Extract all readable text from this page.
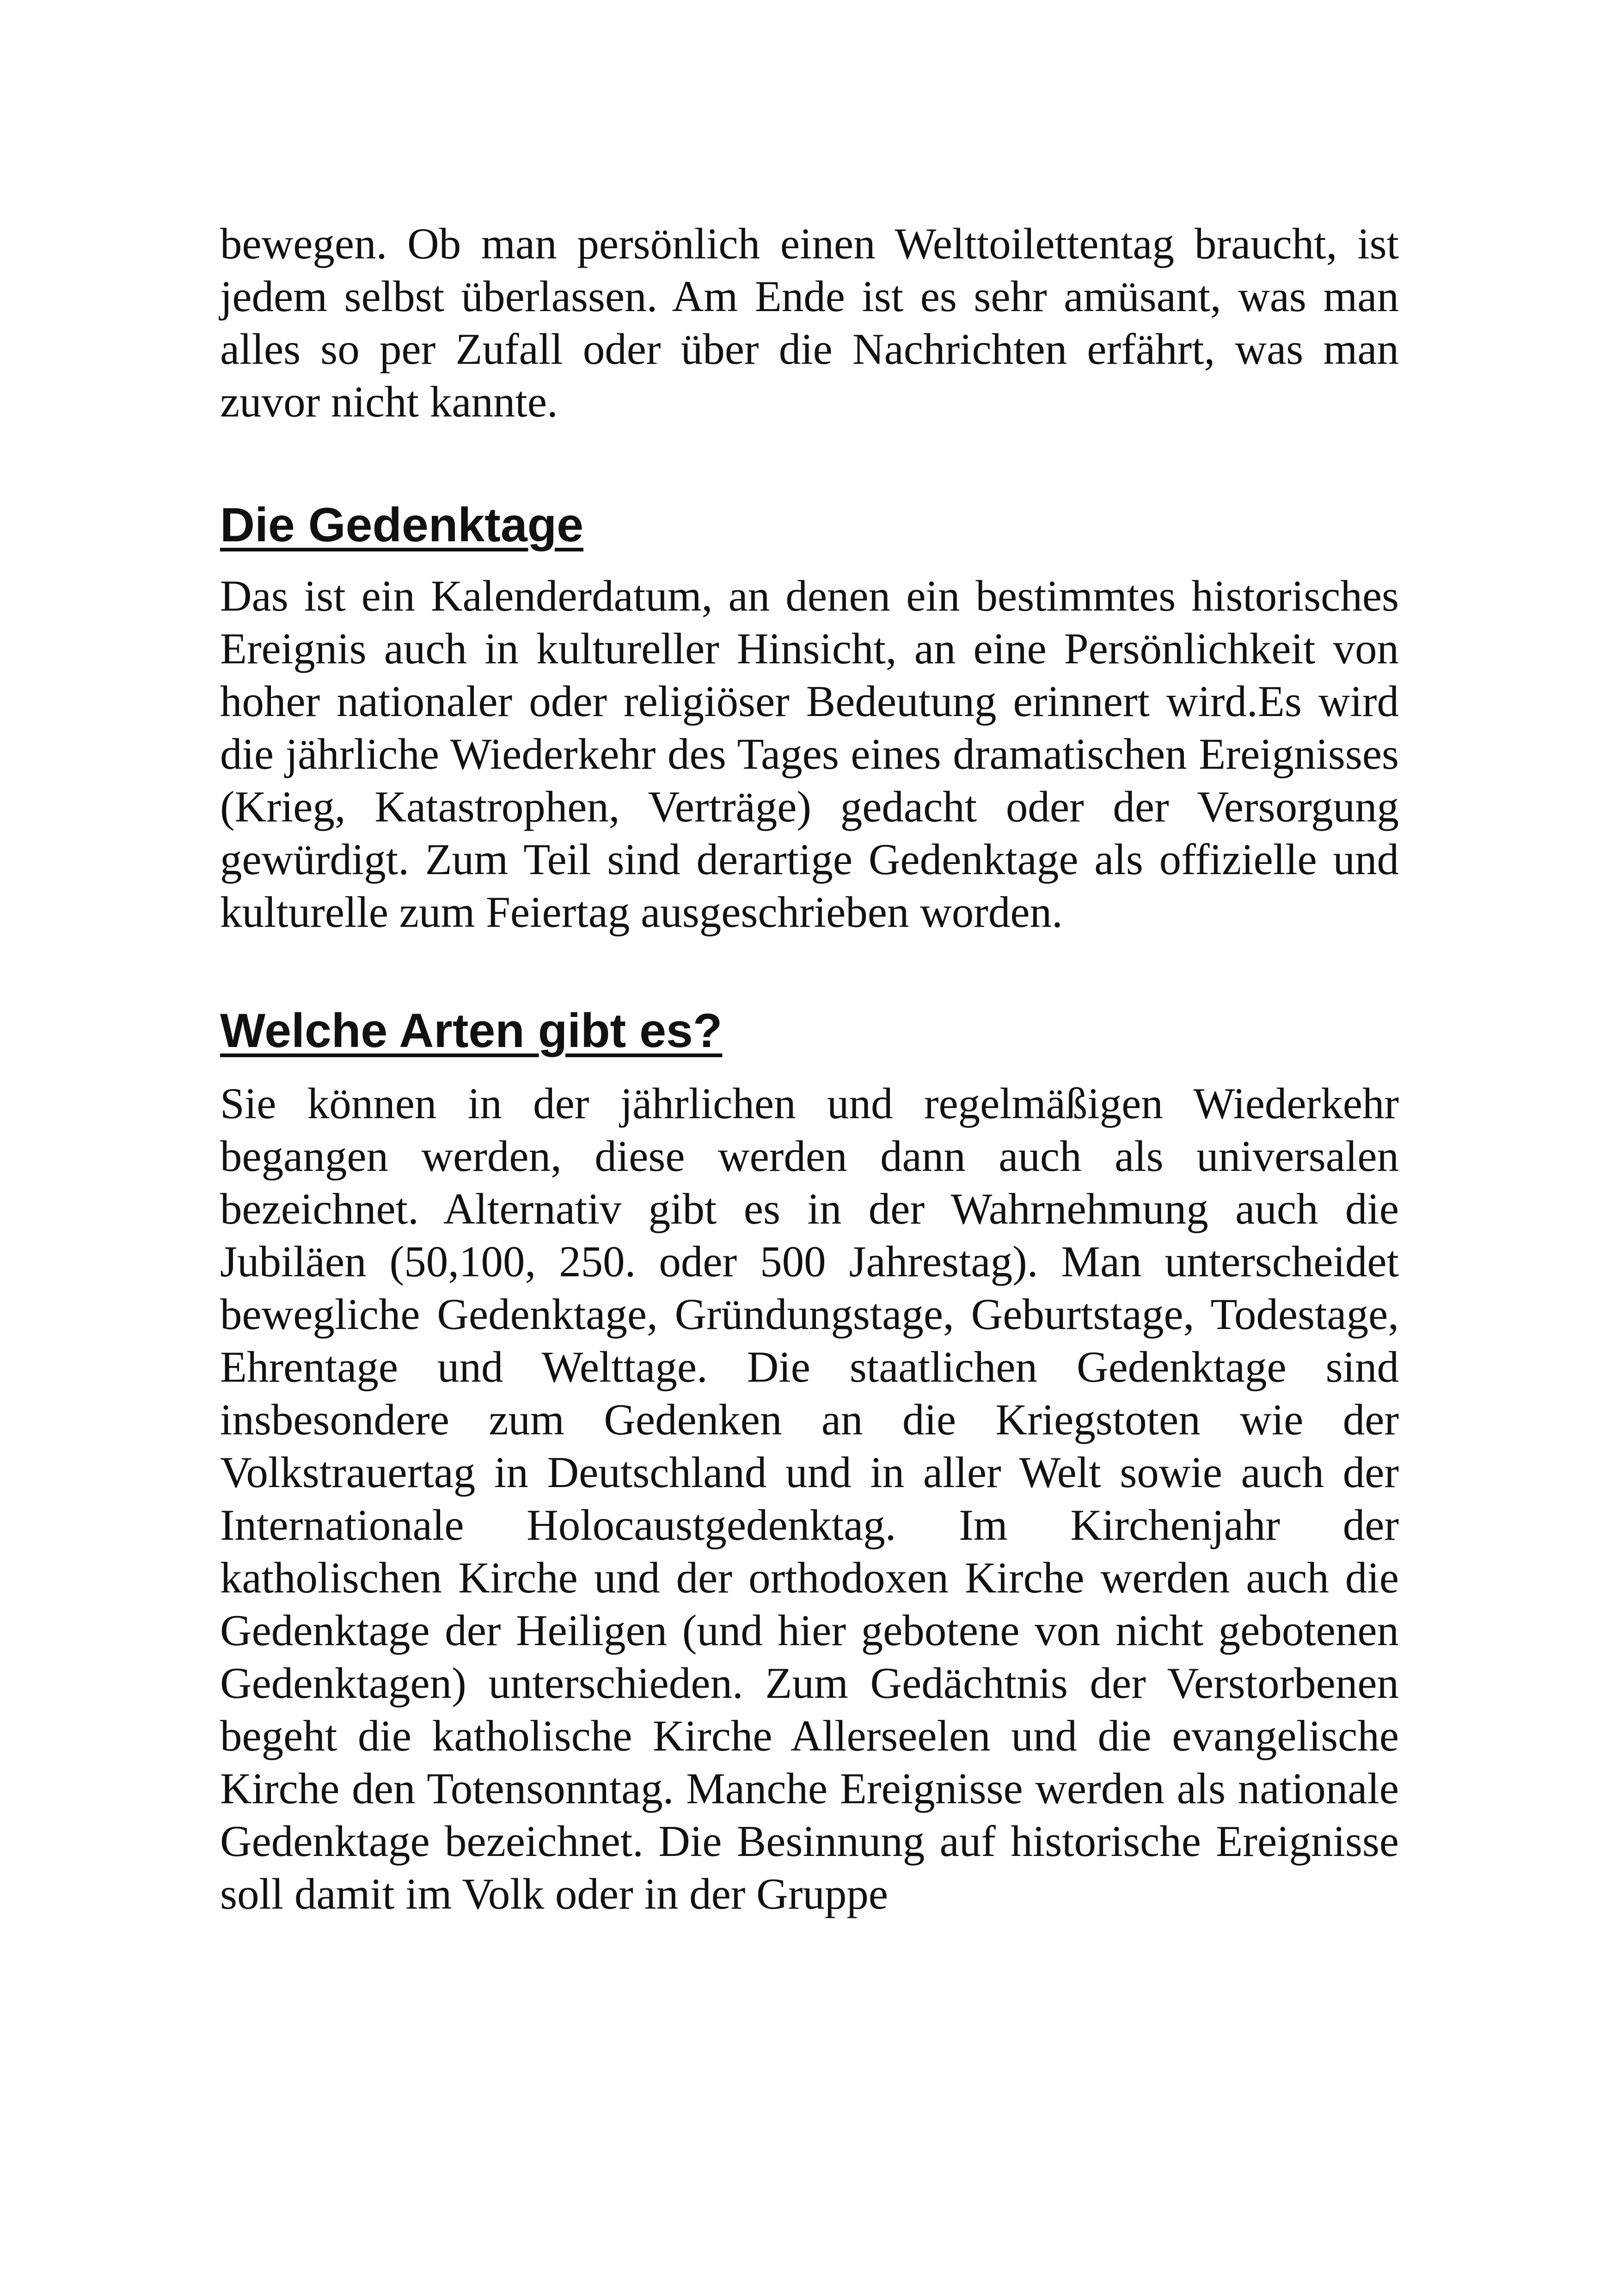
bewegen. Ob man persönlich einen Welttoilettentag braucht, ist jedem selbst überlassen. Am Ende ist es sehr amüsant, was man alles so per Zufall oder über die Nachrichten erfährt, was man zuvor nicht kannte.

Die Gedenktage

Das ist ein Kalenderdatum, an denen ein bestimmtes historisches Ereignis auch in kultureller Hinsicht, an eine Persönlichkeit von hoher nationaler oder religiöser Bedeutung erinnert wird.Es wird die jährliche Wiederkehr des Tages eines dramatischen Ereignisses (Krieg, Katastrophen, Verträge) gedacht oder der Versorgung gewürdigt. Zum Teil sind derartige Gedenktage als offizielle und kulturelle zum Feiertag ausgeschrieben worden.

Welche Arten gibt es?

Sie können in der jährlichen und regelmäßigen Wiederkehr begangen werden, diese werden dann auch als universalen bezeichnet. Alternativ gibt es in der Wahrnehmung auch die Jubiläen (50,100, 250. oder 500 Jahrestag). Man unterscheidet bewegliche Gedenktage, Gründungstage, Geburtstage, Todestage, Ehrentage und Welttage. Die staatlichen Gedenktage sind insbesondere zum Gedenken an die Kriegstoten wie der Volkstrauertag in Deutschland und in aller Welt sowie auch der Internationale Holocaustgedenktag. Im Kirchenjahr der katholischen Kirche und der orthodoxen Kirche werden auch die Gedenktage der Heiligen (und hier gebotene von nicht gebotenen Gedenktagen) unterschieden. Zum Gedächtnis der Verstorbenen begeht die katholische Kirche Allerseelen und die evangelische Kirche den Totensonntag. Manche Ereignisse werden als nationale Gedenktage bezeichnet. Die Besinnung auf historische Ereignisse soll damit im Volk oder in der Gruppe
